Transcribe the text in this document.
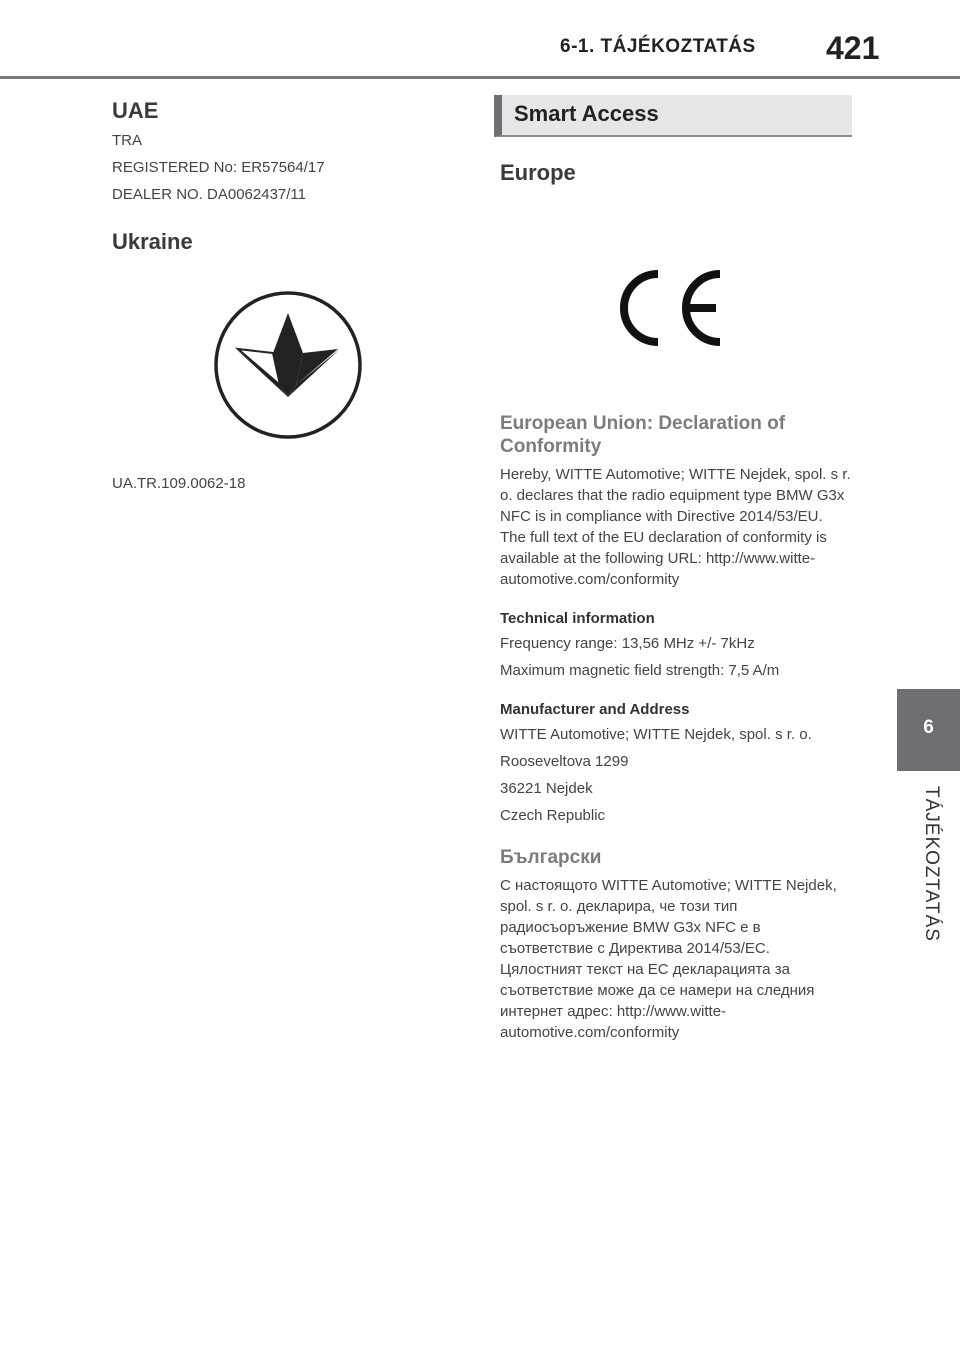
6-1. TÁJÉKOZTATÁS 421
UAE

TRA

REGISTERED No: ER57564/17

DEALER NO. DA0062437/11

Ukraine

UA.TR.109.0062-18

Smart Access
Europe
European Union: Declaration of Conformity

Hereby, WITTE Automotive; WITTE Nejdek, spol. s r. o. declares that the radio equipment type BMW G3x NFC is in compliance with Directive 2014/53/EU. The full text of the EU declaration of conformity is available at the following URL: http://www.witte-automotive.com/conformity

Technical information

Frequency range: 13,56 MHz +/- 7kHz

Maximum magnetic field strength: 7,5 A/m

Manufacturer and Address

WITTE Automotive; WITTE Nejdek, spol. s r. o.

Rooseveltova 1299

36221 Nejdek

Czech Republic

Български

С настоящото WITTE Automotive; WITTE Nejdek, spol. s r. o. декларира, че този тип радиосъоръжение BMW G3x NFC е в съответствие с Директива 2014/53/ЕС. Цялостният текст на ЕС декларацията за съответствие може да се намери на следния интернет адрес: http://www.witte-automotive.com/conformity

6
TÁJÉKOZTATÁS
